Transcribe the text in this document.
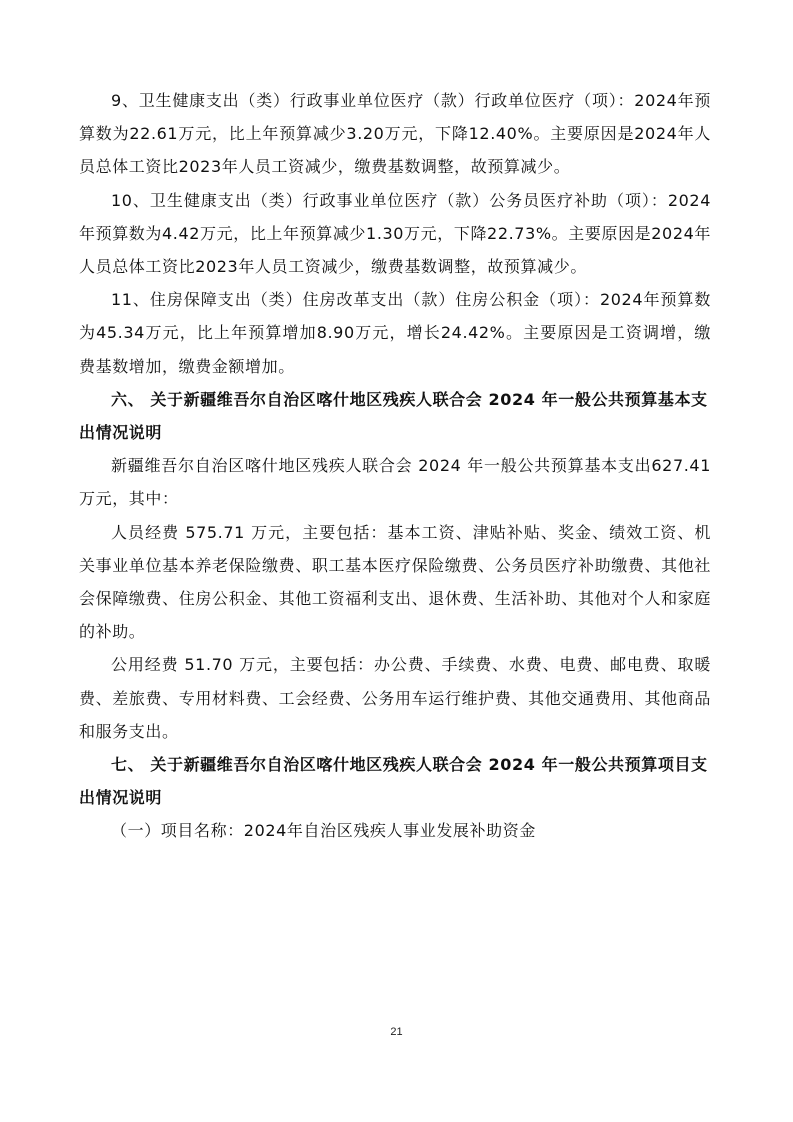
9、卫生健康支出（类）行政事业单位医疗（款）行政单位医疗（项）：2024年预算数为22.61万元，比上年预算减少3.20万元，下降12.40%。主要原因是2024年人员总体工资比2023年人员工资减少，缴费基数调整，故预算减少。

10、卫生健康支出（类）行政事业单位医疗（款）公务员医疗补助（项）：2024年预算数为4.42万元，比上年预算减少1.30万元，下降22.73%。主要原因是2024年人员总体工资比2023年人员工资减少，缴费基数调整，故预算减少。

11、住房保障支出（类）住房改革支出（款）住房公积金（项）：2024年预算数为45.34万元，比上年预算增加8.90万元，增长24.42%。主要原因是工资调增，缴费基数增加，缴费金额增加。

六、 关于新疆维吾尔自治区喀什地区残疾人联合会 2024 年一般公共预算基本支出情况说明

新疆维吾尔自治区喀什地区残疾人联合会 2024 年一般公共预算基本支出627.41万元，其中：

人员经费 575.71 万元，主要包括：基本工资、津贴补贴、奖金、绩效工资、机关事业单位基本养老保险缴费、职工基本医疗保险缴费、公务员医疗补助缴费、其他社会保障缴费、住房公积金、其他工资福利支出、退休费、生活补助、其他对个人和家庭的补助。

公用经费 51.70 万元，主要包括：办公费、手续费、水费、电费、邮电费、取暖费、差旅费、专用材料费、工会经费、公务用车运行维护费、其他交通费用、其他商品和服务支出。

七、 关于新疆维吾尔自治区喀什地区残疾人联合会 2024 年一般公共预算项目支出情况说明

（一）项目名称：2024年自治区残疾人事业发展补助资金

21
